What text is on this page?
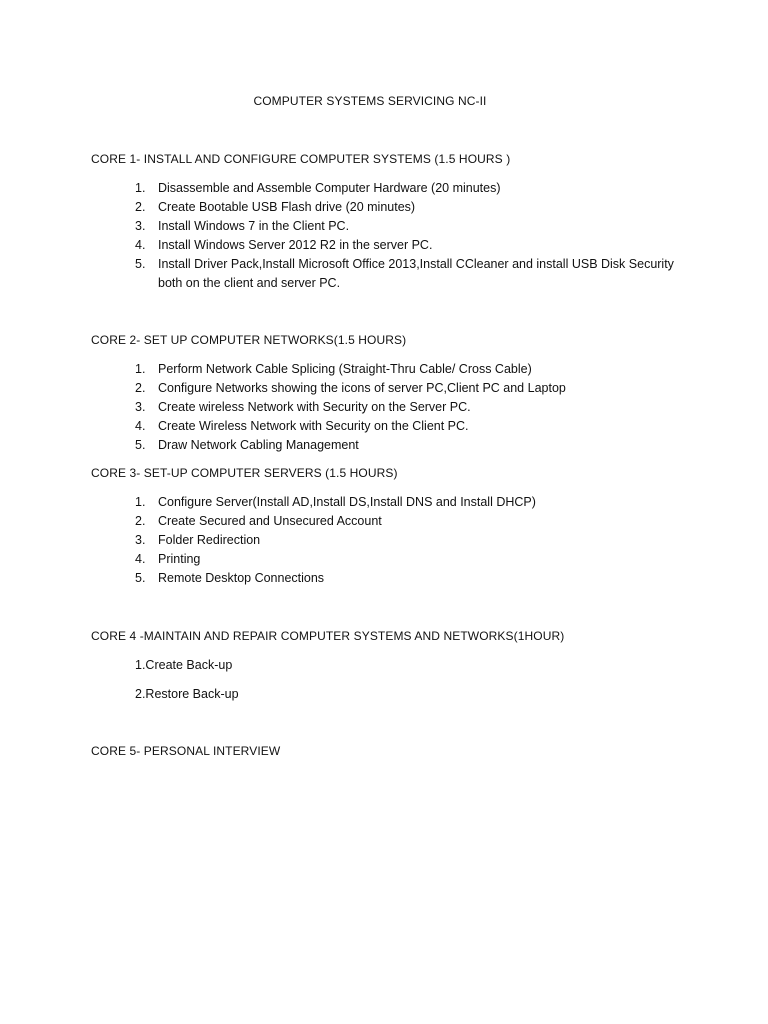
COMPUTER SYSTEMS SERVICING NC-II
CORE 1- INSTALL AND CONFIGURE COMPUTER SYSTEMS (1.5 HOURS )
1. Disassemble and Assemble Computer Hardware (20 minutes)
2. Create Bootable USB Flash drive (20 minutes)
3. Install Windows 7 in the Client PC.
4. Install Windows Server 2012 R2 in the server PC.
5. Install Driver Pack,Install Microsoft Office 2013,Install CCleaner and install USB Disk Security both on the client and server PC.
CORE 2- SET UP COMPUTER NETWORKS(1.5 HOURS)
1. Perform Network Cable Splicing (Straight-Thru Cable/ Cross Cable)
2. Configure Networks showing the icons of server PC,Client PC and Laptop
3. Create wireless Network with Security on the Server PC.
4. Create Wireless Network with Security on the Client PC.
5. Draw Network Cabling Management
CORE 3- SET-UP COMPUTER SERVERS (1.5 HOURS)
1. Configure Server(Install AD,Install DS,Install DNS and Install DHCP)
2. Create Secured and Unsecured Account
3. Folder Redirection
4. Printing
5. Remote Desktop Connections
CORE 4 -MAINTAIN AND REPAIR COMPUTER SYSTEMS AND NETWORKS(1HOUR)
1.Create Back-up
2.Restore Back-up
CORE 5- PERSONAL INTERVIEW
